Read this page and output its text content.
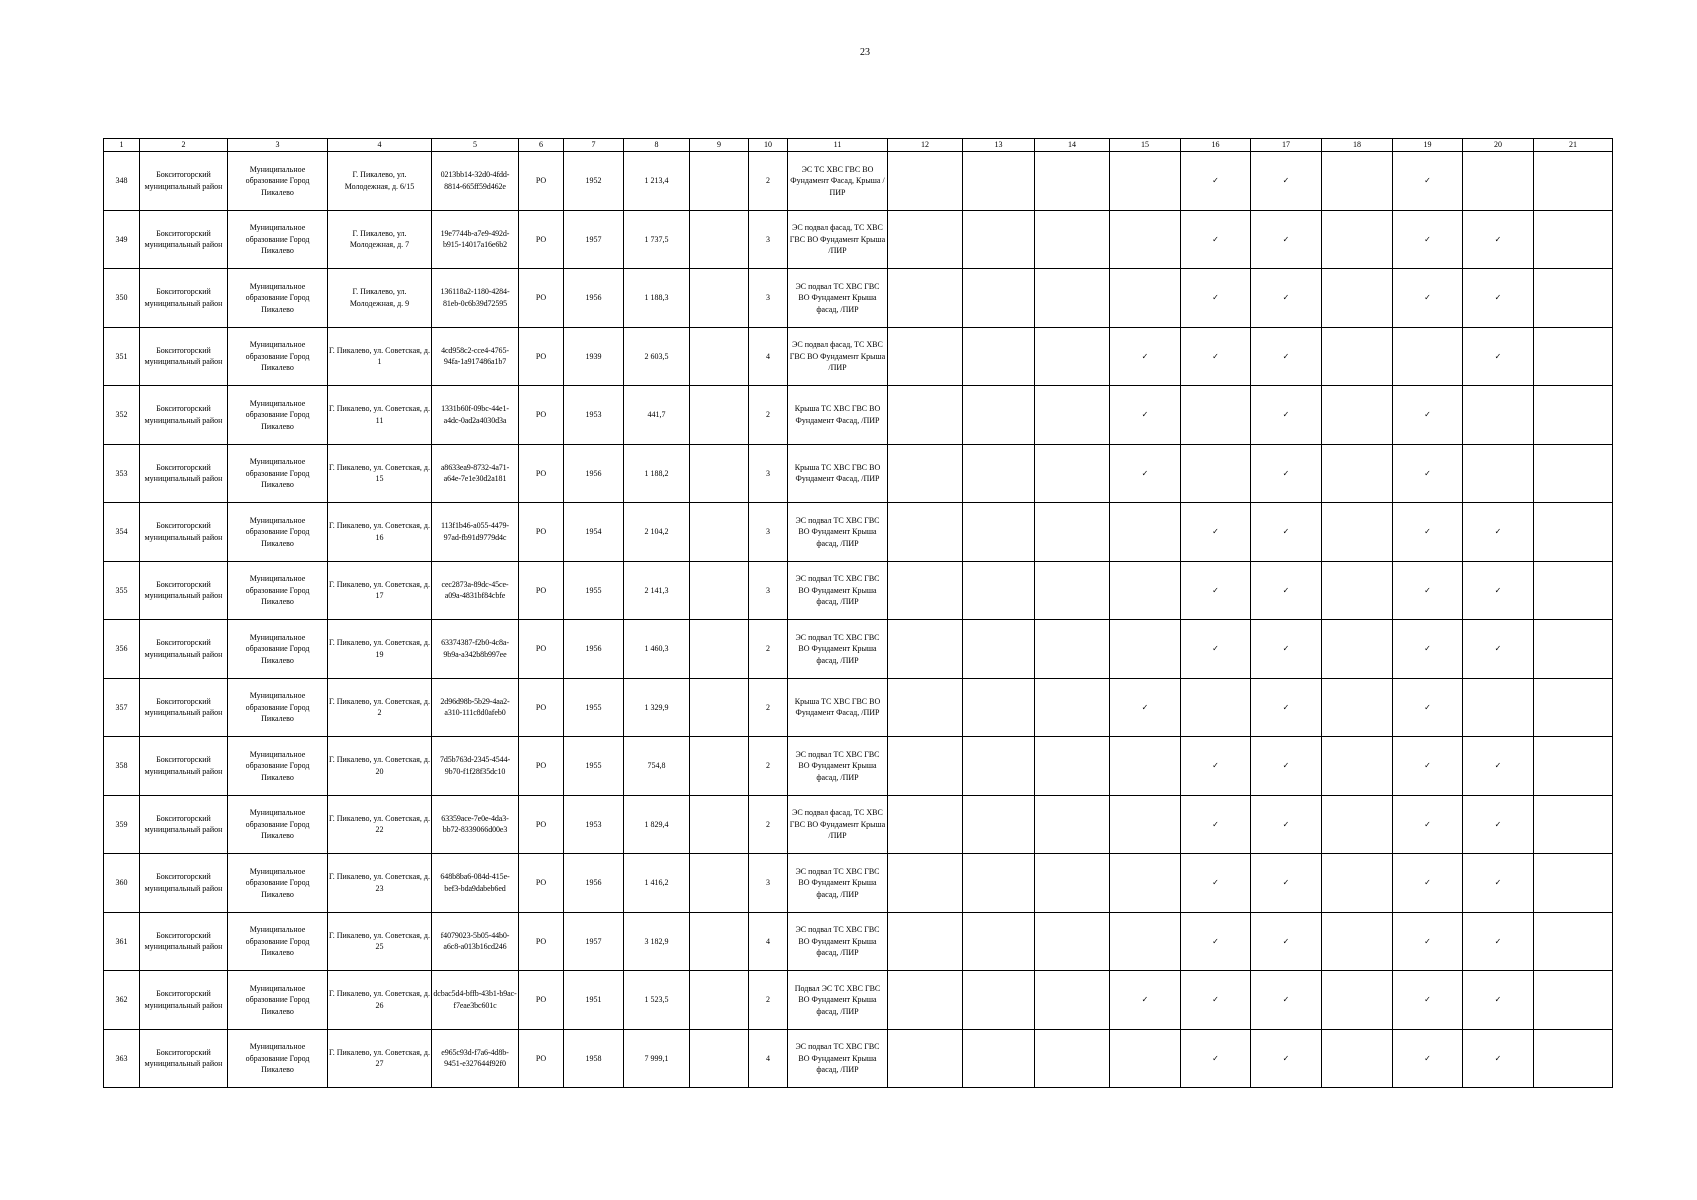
23
1	2	3	4	5	6	7	8	9	10	11	12	13	14	15	16	17	18	19	20	21
348	Бокситогорский муниципальный район	Муниципальное образование Город Пикалево	Г. Пикалево, ул. Молодежная, д. 6/15	0213bb14-32d0-4fdd-8814-665ff59d462e	РО	1952	1 213,4		2	ЭС ТС ХВС ГВС ВО Фундамент Фасад, Крыша /ПИР					✓	✓		✓		
349	Бокситогорский муниципальный район	Муниципальное образование Город Пикалево	Г. Пикалево, ул. Молодежная, д. 7	19e7744b-a7e9-492d-b915-14017a16e6b2	РО	1957	1 737,5		3	ЭС подвал фасад, ТС ХВС ГВС ВО Фундамент Крыша /ПИР					✓	✓		✓	✓	
350	Бокситогорский муниципальный район	Муниципальное образование Город Пикалево	Г. Пикалево, ул. Молодежная, д. 9	136118a2-1180-4284-81eb-0c6b39d72595	РО	1956	1 188,3		3	ЭС подвал ТС ХВС ГВС ВО Фундамент Крыша фасад, /ПИР					✓	✓		✓	✓	
351	Бокситогорский муниципальный район	Муниципальное образование Город Пикалево	Г. Пикалево, ул. Советская, д. 1	4cd958c2-cce4-4765-94fa-1a917486a1b7	РО	1939	2 603,5		4	ЭС подвал фасад, ТС ХВС ГВС ВО Фундамент Крыша /ПИР				✓	✓	✓			✓	
352	Бокситогорский муниципальный район	Муниципальное образование Город Пикалево	Г. Пикалево, ул. Советская, д. 11	1331b60f-09bc-44e1-a4dc-0ad2a4030d3a	РО	1953	441,7		2	Крыша ТС ХВС ГВС ВО Фундамент Фасад, /ПИР				✓		✓		✓		
353	Бокситогорский муниципальный район	Муниципальное образование Город Пикалево	Г. Пикалево, ул. Советская, д. 15	a8633ea9-8732-4a71-a64e-7e1e30d2a181	РО	1956	1 188,2		3	Крыша ТС ХВС ГВС ВО Фундамент Фасад, /ПИР				✓		✓		✓		
354	Бокситогорский муниципальный район	Муниципальное образование Город Пикалево	Г. Пикалево, ул. Советская, д. 16	113f1b46-a055-4479-97ad-fb91d9779d4c	РО	1954	2 104,2		3	ЭС подвал ТС ХВС ГВС ВО Фундамент Крыша фасад, /ПИР					✓	✓		✓	✓	
355	Бокситогорский муниципальный район	Муниципальное образование Город Пикалево	Г. Пикалево, ул. Советская, д. 17	cec2873a-89dc-45ce-a09a-4831bf84cbfe	РО	1955	2 141,3		3	ЭС подвал ТС ХВС ГВС ВО Фундамент Крыша фасад, /ПИР					✓	✓		✓	✓	
356	Бокситогорский муниципальный район	Муниципальное образование Город Пикалево	Г. Пикалево, ул. Советская, д. 19	63374387-f2b0-4c8a-9b9a-a342b8b997ee	РО	1956	1 460,3		2	ЭС подвал ТС ХВС ГВС ВО Фундамент Крыша фасад, /ПИР					✓	✓		✓	✓	
357	Бокситогорский муниципальный район	Муниципальное образование Город Пикалево	Г. Пикалево, ул. Советская, д. 2	2d96d98b-5b29-4aa2-a310-111c8d0afeb0	РО	1955	1 329,9		2	Крыша ТС ХВС ГВС ВО Фундамент Фасад, /ПИР				✓		✓		✓		
358	Бокситогорский муниципальный район	Муниципальное образование Город Пикалево	Г. Пикалево, ул. Советская, д. 20	7d5b763d-2345-4544-9b70-f1f28f35dc10	РО	1955	754,8		2	ЭС подвал ТС ХВС ГВС ВО Фундамент Крыша фасад, /ПИР					✓	✓		✓	✓	
359	Бокситогорский муниципальный район	Муниципальное образование Город Пикалево	Г. Пикалево, ул. Советская, д. 22	63359ace-7e0e-4da3-bb72-8339066d00e3	РО	1953	1 829,4		2	ЭС подвал фасад, ТС ХВС ГВС ВО Фундамент Крыша /ПИР					✓	✓		✓	✓	
360	Бокситогорский муниципальный район	Муниципальное образование Город Пикалево	Г. Пикалево, ул. Советская, д. 23	648b8ba6-084d-415e-bef3-bda9dabeb6ed	РО	1956	1 416,2		3	ЭС подвал ТС ХВС ГВС ВО Фундамент Крыша фасад, /ПИР					✓	✓		✓	✓	
361	Бокситогорский муниципальный район	Муниципальное образование Город Пикалево	Г. Пикалево, ул. Советская, д. 25	f4079023-5b05-44b0-a6c8-a013b16cd246	РО	1957	3 182,9		4	ЭС подвал ТС ХВС ГВС ВО Фундамент Крыша фасад, /ПИР					✓	✓		✓	✓	
362	Бокситогорский муниципальный район	Муниципальное образование Город Пикалево	Г. Пикалево, ул. Советская, д. 26	dcbac5d4-bffb-43b1-b9ac-f7eae3bc601c	РО	1951	1 523,5		2	Подвал ЭС ТС ХВС ГВС ВО Фундамент Крыша фасад, /ПИР				✓	✓	✓		✓	✓	
363	Бокситогорский муниципальный район	Муниципальное образование Город Пикалево	Г. Пикалево, ул. Советская, д. 27	e965c93d-f7a6-4d8b-9451-e327644f92f0	РО	1958	7 999,1		4	ЭС подвал ТС ХВС ГВС ВО Фундамент Крыша фасад, /ПИР					✓	✓		✓	✓	
